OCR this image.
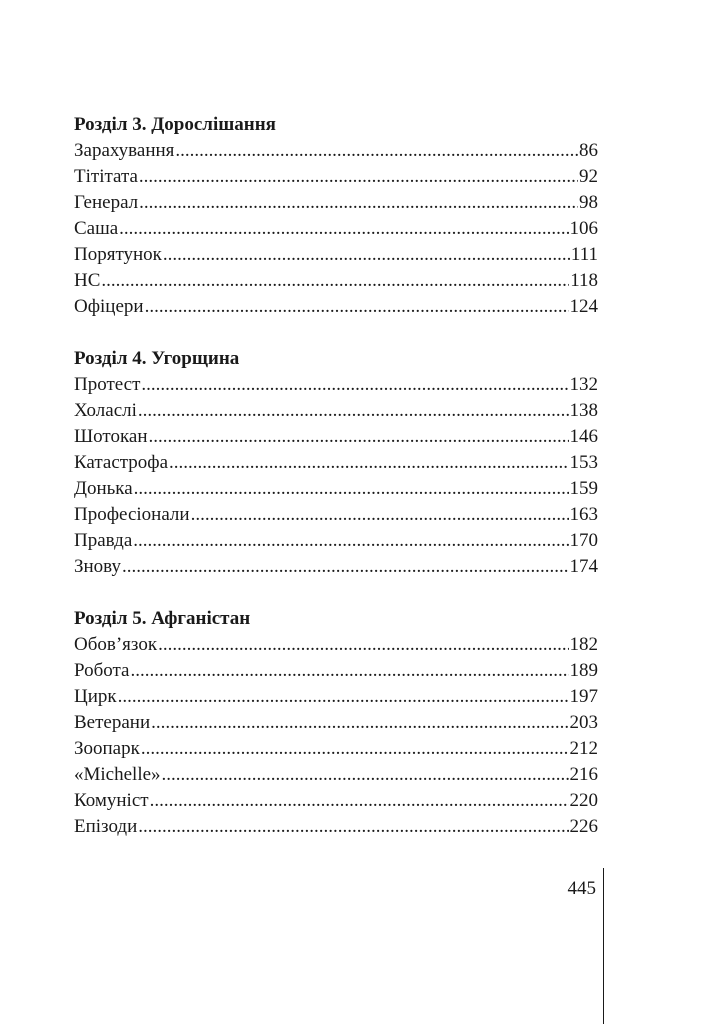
Розділ 3. Дорослішання
Зарахування .....	86
Тітітата .....	92
Генерал .....	98
Саша .....	106
Порятунок .....	111
НС .....	118
Офіцери .....	124
Розділ 4. Угорщина
Протест .....	132
Холаслі .....	138
Шотокан .....	146
Катастрофа .....	153
Донька .....	159
Професіонали .....	163
Правда .....	170
Знову .....	174
Розділ 5. Афганістан
Обов’язок .....	182
Робота .....	189
Цирк .....	197
Ветерани .....	203
Зоопарк .....	212
«Michelle» .....	216
Комуніст .....	220
Епізоди .....	226
445
